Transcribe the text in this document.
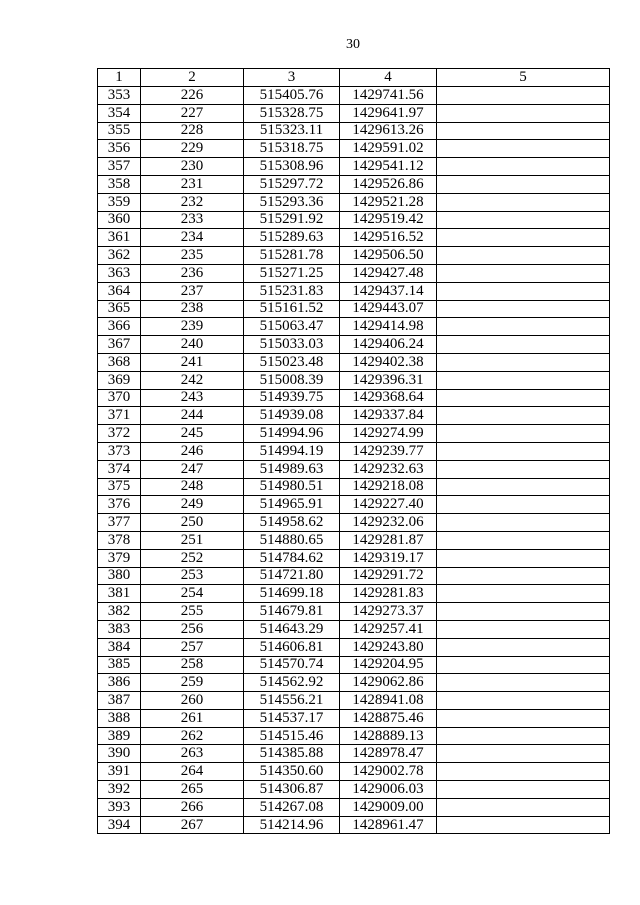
30
1	2	3	4	5
353	226	515405.76	1429741.56	
354	227	515328.75	1429641.97	
355	228	515323.11	1429613.26	
356	229	515318.75	1429591.02	
357	230	515308.96	1429541.12	
358	231	515297.72	1429526.86	
359	232	515293.36	1429521.28	
360	233	515291.92	1429519.42	
361	234	515289.63	1429516.52	
362	235	515281.78	1429506.50	
363	236	515271.25	1429427.48	
364	237	515231.83	1429437.14	
365	238	515161.52	1429443.07	
366	239	515063.47	1429414.98	
367	240	515033.03	1429406.24	
368	241	515023.48	1429402.38	
369	242	515008.39	1429396.31	
370	243	514939.75	1429368.64	
371	244	514939.08	1429337.84	
372	245	514994.96	1429274.99	
373	246	514994.19	1429239.77	
374	247	514989.63	1429232.63	
375	248	514980.51	1429218.08	
376	249	514965.91	1429227.40	
377	250	514958.62	1429232.06	
378	251	514880.65	1429281.87	
379	252	514784.62	1429319.17	
380	253	514721.80	1429291.72	
381	254	514699.18	1429281.83	
382	255	514679.81	1429273.37	
383	256	514643.29	1429257.41	
384	257	514606.81	1429243.80	
385	258	514570.74	1429204.95	
386	259	514562.92	1429062.86	
387	260	514556.21	1428941.08	
388	261	514537.17	1428875.46	
389	262	514515.46	1428889.13	
390	263	514385.88	1428978.47	
391	264	514350.60	1429002.78	
392	265	514306.87	1429006.03	
393	266	514267.08	1429009.00	
394	267	514214.96	1428961.47	
